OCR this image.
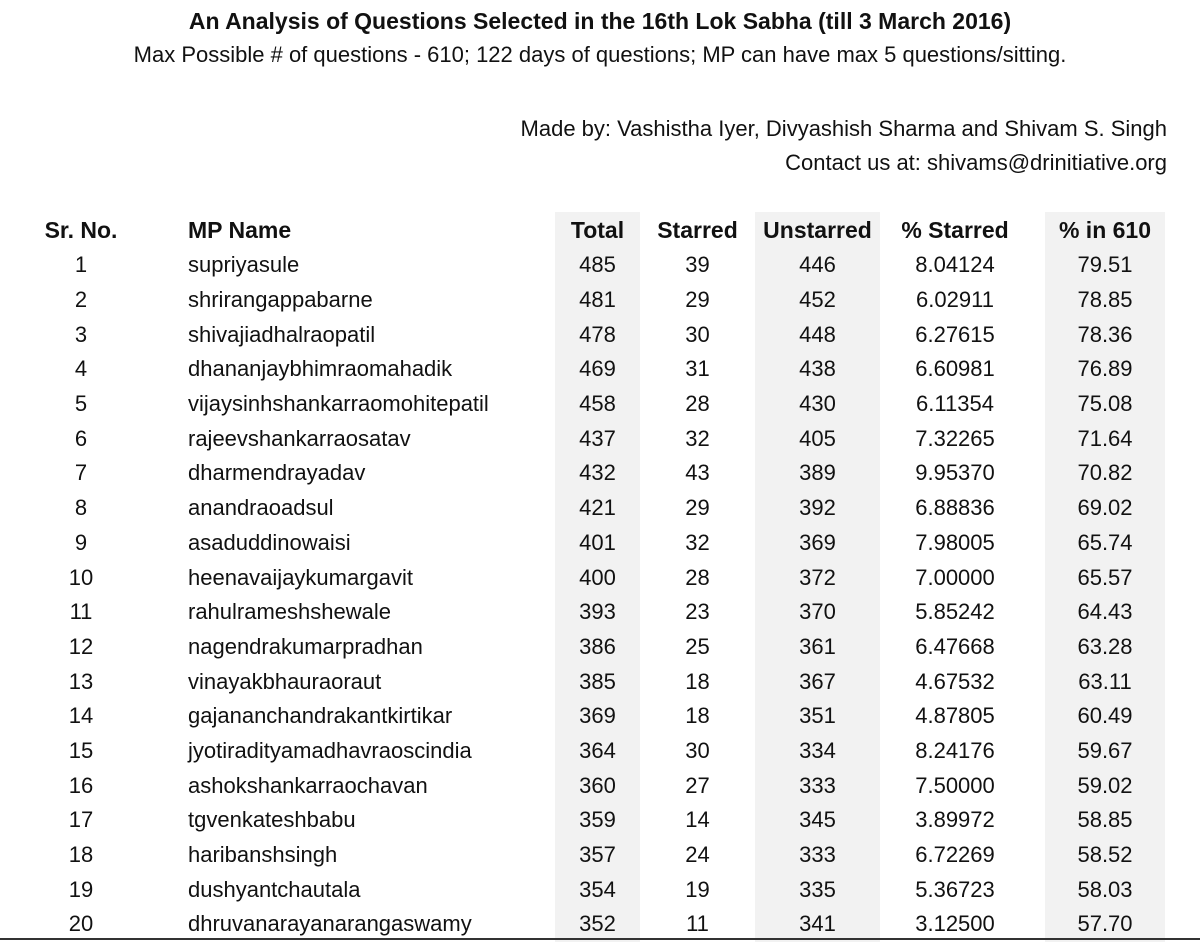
An Analysis of Questions Selected in the 16th Lok Sabha (till 3 March 2016)
Max Possible # of questions - 610; 122 days of questions; MP can have max 5 questions/sitting.
Made by: Vashistha Iyer, Divyashish Sharma and Shivam S. Singh
Contact us at: shivams@drinitiative.org
Sr. No.	MP Name	Total	Starred	Unstarred	% Starred	% in 610
1	supriyasule	485	39	446	8.04124	79.51
2	shrirangappabarne	481	29	452	6.02911	78.85
3	shivajiadhalraopatil	478	30	448	6.27615	78.36
4	dhananjaybhimraomahadik	469	31	438	6.60981	76.89
5	vijaysinhshankarraomohitepatil	458	28	430	6.11354	75.08
6	rajeevshankarraosatav	437	32	405	7.32265	71.64
7	dharmendrayadav	432	43	389	9.95370	70.82
8	anandraoadsul	421	29	392	6.88836	69.02
9	asaduddinowaisi	401	32	369	7.98005	65.74
10	heenavaijaykumargavit	400	28	372	7.00000	65.57
11	rahulrameshshewale	393	23	370	5.85242	64.43
12	nagendrakumarpradhan	386	25	361	6.47668	63.28
13	vinayakbhauraoraut	385	18	367	4.67532	63.11
14	gajananchandrakantkirtikar	369	18	351	4.87805	60.49
15	jyotiradityamadhavraoscindia	364	30	334	8.24176	59.67
16	ashokshankarraochavan	360	27	333	7.50000	59.02
17	tgvenkateshbabu	359	14	345	3.89972	58.85
18	haribanshsingh	357	24	333	6.72269	58.52
19	dushyantchautala	354	19	335	5.36723	58.03
20	dhruvanarayanarangaswamy	352	11	341	3.12500	57.70
